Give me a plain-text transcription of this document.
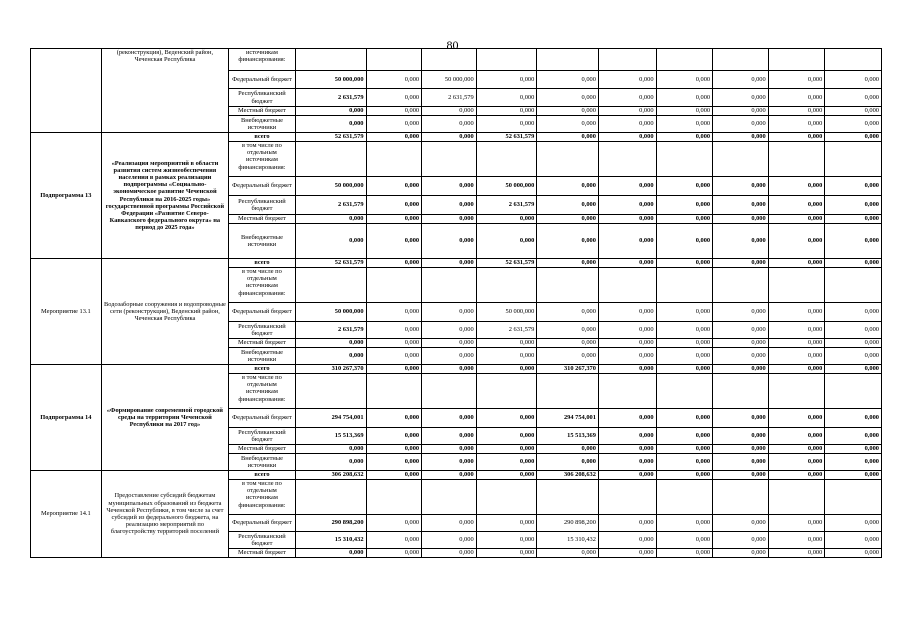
80
	(реконструкция), Веденский район, Чеченская Республика	источникам финансирования:										
		Федеральный бюджет	50 000,000	0,000	50 000,000	0,000	0,000	0,000	0,000	0,000	0,000	0,000
		Республиканский бюджет	2 631,579	0,000	2 631,579	0,000	0,000	0,000	0,000	0,000	0,000	0,000
		Местный бюджет	0,000	0,000	0,000	0,000	0,000	0,000	0,000	0,000	0,000	0,000
		Внебюджетные источники	0,000	0,000	0,000	0,000	0,000	0,000	0,000	0,000	0,000	0,000
Подпрограмма 13	«Реализация мероприятий в области развития систем жизнеобеспечения населения в рамках реализации подпрограммы «Социально-экономическое развитие Чеченской Республики на 2016-2025 годы» государственной программы Российской Федерации «Развитие Северо-Кавказского федерального округа» на период до 2025 года»	всего	52 631,579	0,000	0,000	52 631,579	0,000	0,000	0,000	0,000	0,000	0,000
		в том числе по отдельным источникам финансирования:										
		Федеральный бюджет	50 000,000	0,000	0,000	50 000,000	0,000	0,000	0,000	0,000	0,000	0,000
		Республиканский бюджет	2 631,579	0,000	0,000	2 631,579	0,000	0,000	0,000	0,000	0,000	0,000
		Местный бюджет	0,000	0,000	0,000	0,000	0,000	0,000	0,000	0,000	0,000	0,000
		Внебюджетные источники	0,000	0,000	0,000	0,000	0,000	0,000	0,000	0,000	0,000	0,000
Мероприятие 13.1	Водозаборные сооружения и водопроводные сети (реконструкция), Веденский район, Чеченская Республика	всего	52 631,579	0,000	0,000	52 631,579	0,000	0,000	0,000	0,000	0,000	0,000
		в том числе по отдельным источникам финансирования:										
		Федеральный бюджет	50 000,000	0,000	0,000	50 000,000	0,000	0,000	0,000	0,000	0,000	0,000
		Республиканский бюджет	2 631,579	0,000	0,000	2 631,579	0,000	0,000	0,000	0,000	0,000	0,000
		Местный бюджет	0,000	0,000	0,000	0,000	0,000	0,000	0,000	0,000	0,000	0,000
		Внебюджетные источники	0,000	0,000	0,000	0,000	0,000	0,000	0,000	0,000	0,000	0,000
Подпрограмма 14	«Формирование современной городской среды на территории Чеченской Республики на 2017 год»	всего	310 267,370	0,000	0,000	0,000	310 267,370	0,000	0,000	0,000	0,000	0,000
		в том числе по отдельным источникам финансирования:										
		Федеральный бюджет	294 754,001	0,000	0,000	0,000	294 754,001	0,000	0,000	0,000	0,000	0,000
		Республиканский бюджет	15 513,369	0,000	0,000	0,000	15 513,369	0,000	0,000	0,000	0,000	0,000
		Местный бюджет	0,000	0,000	0,000	0,000	0,000	0,000	0,000	0,000	0,000	0,000
		Внебюджетные источники	0,000	0,000	0,000	0,000	0,000	0,000	0,000	0,000	0,000	0,000
Мероприятие 14.1	Предоставление субсидий бюджетам муниципальных образований из бюджета Чеченской Республики, в том числе за счет субсидий из федерального бюджета, на реализацию мероприятий по благоустройству территорий поселений	всего	306 208,632	0,000	0,000	0,000	306 208,632	0,000	0,000	0,000	0,000	0,000
		в том числе по отдельным источникам финансирования:										
		Федеральный бюджет	290 898,200	0,000	0,000	0,000	290 898,200	0,000	0,000	0,000	0,000	0,000
		Республиканский бюджет	15 310,432	0,000	0,000	0,000	15 310,432	0,000	0,000	0,000	0,000	0,000
		Местный бюджет	0,000	0,000	0,000	0,000	0,000	0,000	0,000	0,000	0,000	0,000
